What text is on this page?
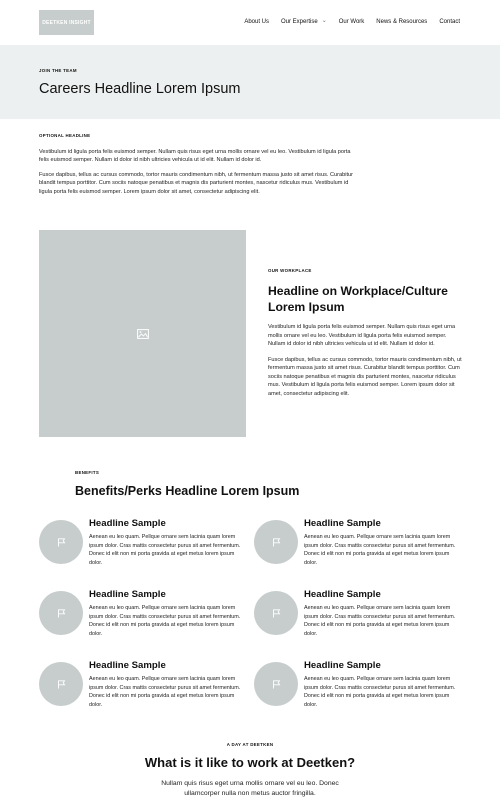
DEETKEN INSIGHT	About Us Our Expertise ⌄ Our Work News & Resources Contact
JOIN THE TEAM
Careers Headline Lorem Ipsum
OPTIONAL HEADLINE

Vestibulum id ligula porta felis euismod semper. Nullam quis risus eget urna mollis ornare vel eu leo. Vestibulum id ligula porta felis euismod semper. Nullam id dolor id nibh ultricies vehicula ut id elit. Nullam id dolor id.

Fusce dapibus, tellus ac cursus commodo, tortor mauris condimentum nibh, ut fermentum massa justo sit amet risus. Curabitur blandit tempus porttitor. Cum sociis natoque penatibus et magnis dis parturient montes, nascetur ridiculus mus. Vestibulum id ligula porta felis euismod semper. Lorem ipsum dolor sit amet, consectetur adipiscing elit.

OUR WORKPLACE
Headline on Workplace/Culture Lorem Ipsum

Vestibulum id ligula porta felis euismod semper. Nullam quis risus eget urna mollis ornare vel eu leo. Vestibulum id ligula porta felis euismod semper. Nullam id dolor id nibh ultricies vehicula ut id elit. Nullam id dolor id.

Fusce dapibus, tellus ac cursus commodo, tortor mauris condimentum nibh, ut fermentum massa justo sit amet risus. Curabitur blandit tempus porttitor. Cum sociis natoque penatibus et magnis dis parturient montes, nascetur ridiculus mus. Vestibulum id ligula porta felis euismod semper. Lorem ipsum dolor sit amet, consectetur adipiscing elit.

BENEFITS
Benefits/Perks Headline Lorem Ipsum
Headline Sample

Aenean eu leo quam. Pellque ornare sem lacinia quam lorem ipsum dolor. Cras mattis consectetur purus sit amet fermentum. Donec id elit non mi porta gravida at eget metus lorem ipsum dolor.

Headline Sample

Aenean eu leo quam. Pellque ornare sem lacinia quam lorem ipsum dolor. Cras mattis consectetur purus sit amet fermentum. Donec id elit non mi porta gravida at eget metus lorem ipsum dolor.

Headline Sample

Aenean eu leo quam. Pellque ornare sem lacinia quam lorem ipsum dolor. Cras mattis consectetur purus sit amet fermentum. Donec id elit non mi porta gravida at eget metus lorem ipsum dolor.

Headline Sample

Aenean eu leo quam. Pellque ornare sem lacinia quam lorem ipsum dolor. Cras mattis consectetur purus sit amet fermentum. Donec id elit non mi porta gravida at eget metus lorem ipsum dolor.

Headline Sample

Aenean eu leo quam. Pellque ornare sem lacinia quam lorem ipsum dolor. Cras mattis consectetur purus sit amet fermentum. Donec id elit non mi porta gravida at eget metus lorem ipsum dolor.

Headline Sample

Aenean eu leo quam. Pellque ornare sem lacinia quam lorem ipsum dolor. Cras mattis consectetur purus sit amet fermentum. Donec id elit non mi porta gravida at eget metus lorem ipsum dolor.

A DAY AT DEETKEN
What is it like to work at Deetken?

Nullam quis risus eget urna mollis ornare vel eu leo. Donec ullamcorper nulla non metus auctor fringilla.
